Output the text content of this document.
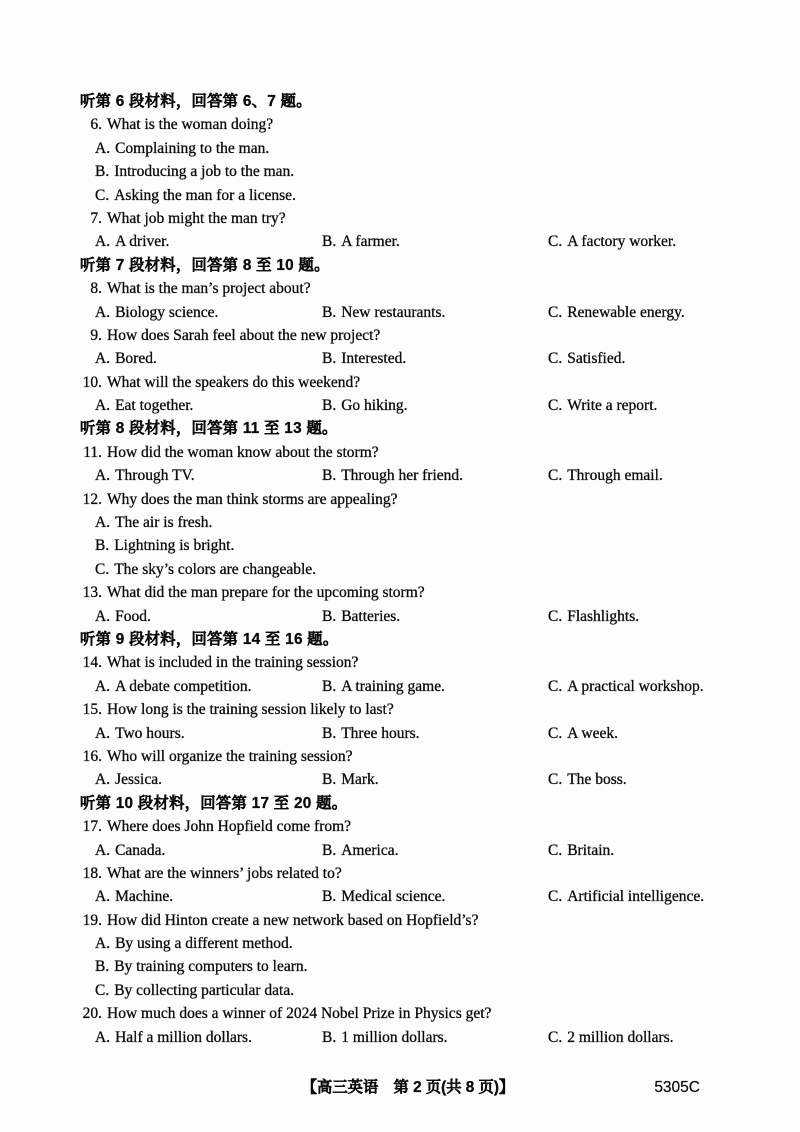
听第 6 段材料，回答第 6、7 题。
6. What is the woman doing?
A. Complaining to the man.
B. Introducing a job to the man.
C. Asking the man for a license.
7. What job might the man try?
A. A driver.	B. A farmer.	C. A factory worker.
听第 7 段材料，回答第 8 至 10 题。
8. What is the man’s project about?
A. Biology science.	B. New restaurants.	C. Renewable energy.
9. How does Sarah feel about the new project?
A. Bored.	B. Interested.	C. Satisfied.
10. What will the speakers do this weekend?
A. Eat together.	B. Go hiking.	C. Write a report.
听第 8 段材料，回答第 11 至 13 题。
11. How did the woman know about the storm?
A. Through TV.	B. Through her friend.	C. Through email.
12. Why does the man think storms are appealing?
A. The air is fresh.
B. Lightning is bright.
C. The sky’s colors are changeable.
13. What did the man prepare for the upcoming storm?
A. Food.	B. Batteries.	C. Flashlights.
听第 9 段材料，回答第 14 至 16 题。
14. What is included in the training session?
A. A debate competition.	B. A training game.	C. A practical workshop.
15. How long is the training session likely to last?
A. Two hours.	B. Three hours.	C. A week.
16. Who will organize the training session?
A. Jessica.	B. Mark.	C. The boss.
听第 10 段材料，回答第 17 至 20 题。
17. Where does John Hopfield come from?
A. Canada.	B. America.	C. Britain.
18. What are the winners’ jobs related to?
A. Machine.	B. Medical science.	C. Artificial intelligence.
19. How did Hinton create a new network based on Hopfield’s?
A. By using a different method.
B. By training computers to learn.
C. By collecting particular data.
20. How much does a winner of 2024 Nobel Prize in Physics get?
A. Half a million dollars.	B. 1 million dollars.	C. 2 million dollars.
【高三英语　第 2 页(共 8 页)】	5305C
